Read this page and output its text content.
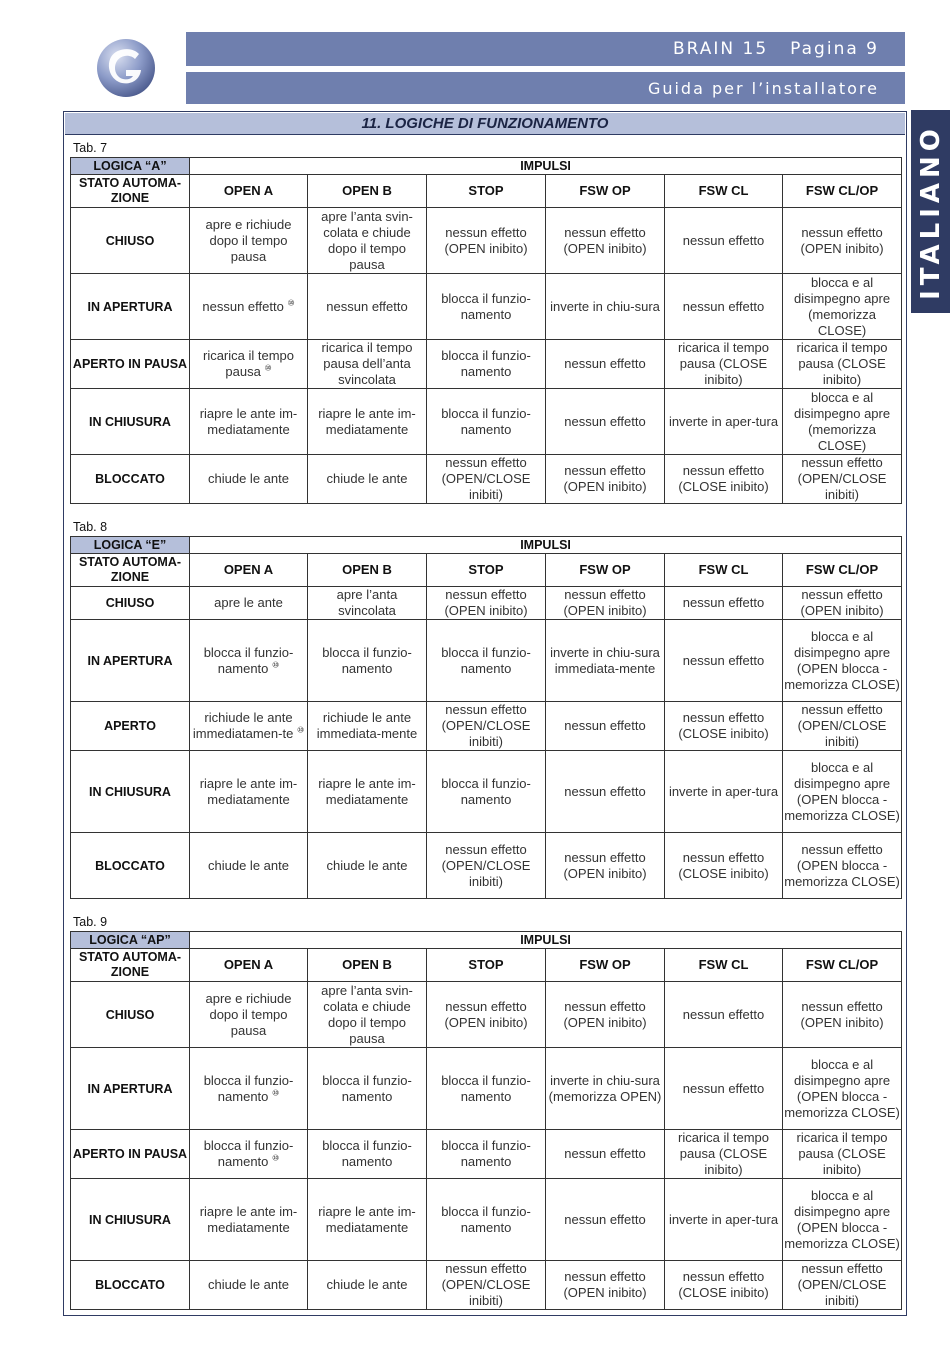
BRAIN 15 Pagina 9
Guida per l’installatore
ITALIANO
11. LOGICHE DI FUNZIONAMENTO
Tab. 7
LOGICA “A”	IMPULSI					
STATO AUTOMA-ZIONE	OPEN A	OPEN B	STOP	FSW OP	FSW CL	FSW CL/OP
CHIUSO	apre e richiude dopo il tempo pausa	apre l’anta svin-colata e chiude dopo il tempo pausa	nessun effetto (OPEN inibito)	nessun effetto (OPEN inibito)	nessun effetto	nessun effetto (OPEN inibito)
IN APERTURA	nessun effetto ⑩	nessun effetto	blocca il funzio-namento	inverte in chiu-sura	nessun effetto	blocca e al disimpegno apre (memorizza CLOSE)
APERTO IN PAUSA	ricarica il tempo pausa ⑩	ricarica il tempo pausa dell’anta svincolata	blocca il funzio-namento	nessun effetto	ricarica il tempo pausa (CLOSE inibito)	ricarica il tempo pausa (CLOSE inibito)
IN CHIUSURA	riapre le ante im-mediatamente	riapre le ante im-mediatamente	blocca il funzio-namento	nessun effetto	inverte in aper-tura	blocca e al disimpegno apre (memorizza CLOSE)
BLOCCATO	chiude le ante	chiude le ante	nessun effetto (OPEN/CLOSE inibiti)	nessun effetto (OPEN inibito)	nessun effetto (CLOSE inibito)	nessun effetto (OPEN/CLOSE inibiti)
Tab. 8
LOGICA “E”	IMPULSI					
STATO AUTOMA-ZIONE	OPEN A	OPEN B	STOP	FSW OP	FSW CL	FSW CL/OP
CHIUSO	apre le ante	apre l’anta svincolata	nessun effetto (OPEN inibito)	nessun effetto (OPEN inibito)	nessun effetto	nessun effetto (OPEN inibito)
IN APERTURA	blocca il funzio-namento ⑩	blocca il funzio-namento	blocca il funzio-namento	inverte in chiu-sura immediata-mente	nessun effetto	blocca e al disimpegno apre (OPEN blocca - memorizza CLOSE)
APERTO	richiude le ante immediatamen-te ⑩	richiude le ante immediata-mente	nessun effetto (OPEN/CLOSE inibiti)	nessun effetto	nessun effetto (CLOSE inibito)	nessun effetto (OPEN/CLOSE inibiti)
IN CHIUSURA	riapre le ante im-mediatamente	riapre le ante im-mediatamente	blocca il funzio-namento	nessun effetto	inverte in aper-tura	blocca e al disimpegno apre (OPEN blocca - memorizza CLOSE)
BLOCCATO	chiude le ante	chiude le ante	nessun effetto (OPEN/CLOSE inibiti)	nessun effetto (OPEN inibito)	nessun effetto (CLOSE inibito)	nessun effetto (OPEN blocca - memorizza CLOSE)
Tab. 9
LOGICA “AP”	IMPULSI					
STATO AUTOMA-ZIONE	OPEN A	OPEN B	STOP	FSW OP	FSW CL	FSW CL/OP
CHIUSO	apre e richiude dopo il tempo pausa	apre l’anta svin-colata e chiude dopo il tempo pausa	nessun effetto (OPEN inibito)	nessun effetto (OPEN inibito)	nessun effetto	nessun effetto (OPEN inibito)
IN APERTURA	blocca il funzio-namento ⑩	blocca il funzio-namento	blocca il funzio-namento	inverte in chiu-sura (memorizza OPEN)	nessun effetto	blocca e al disimpegno apre (OPEN blocca - memorizza CLOSE)
APERTO IN PAUSA	blocca il funzio-namento ⑩	blocca il funzio-namento	blocca il funzio-namento	nessun effetto	ricarica il tempo pausa (CLOSE inibito)	ricarica il tempo pausa (CLOSE inibito)
IN CHIUSURA	riapre le ante im-mediatamente	riapre le ante im-mediatamente	blocca il funzio-namento	nessun effetto	inverte in aper-tura	blocca e al disimpegno apre (OPEN blocca - memorizza CLOSE)
BLOCCATO	chiude le ante	chiude le ante	nessun effetto (OPEN/CLOSE inibiti)	nessun effetto (OPEN inibito)	nessun effetto (CLOSE inibito)	nessun effetto (OPEN/CLOSE inibiti)
